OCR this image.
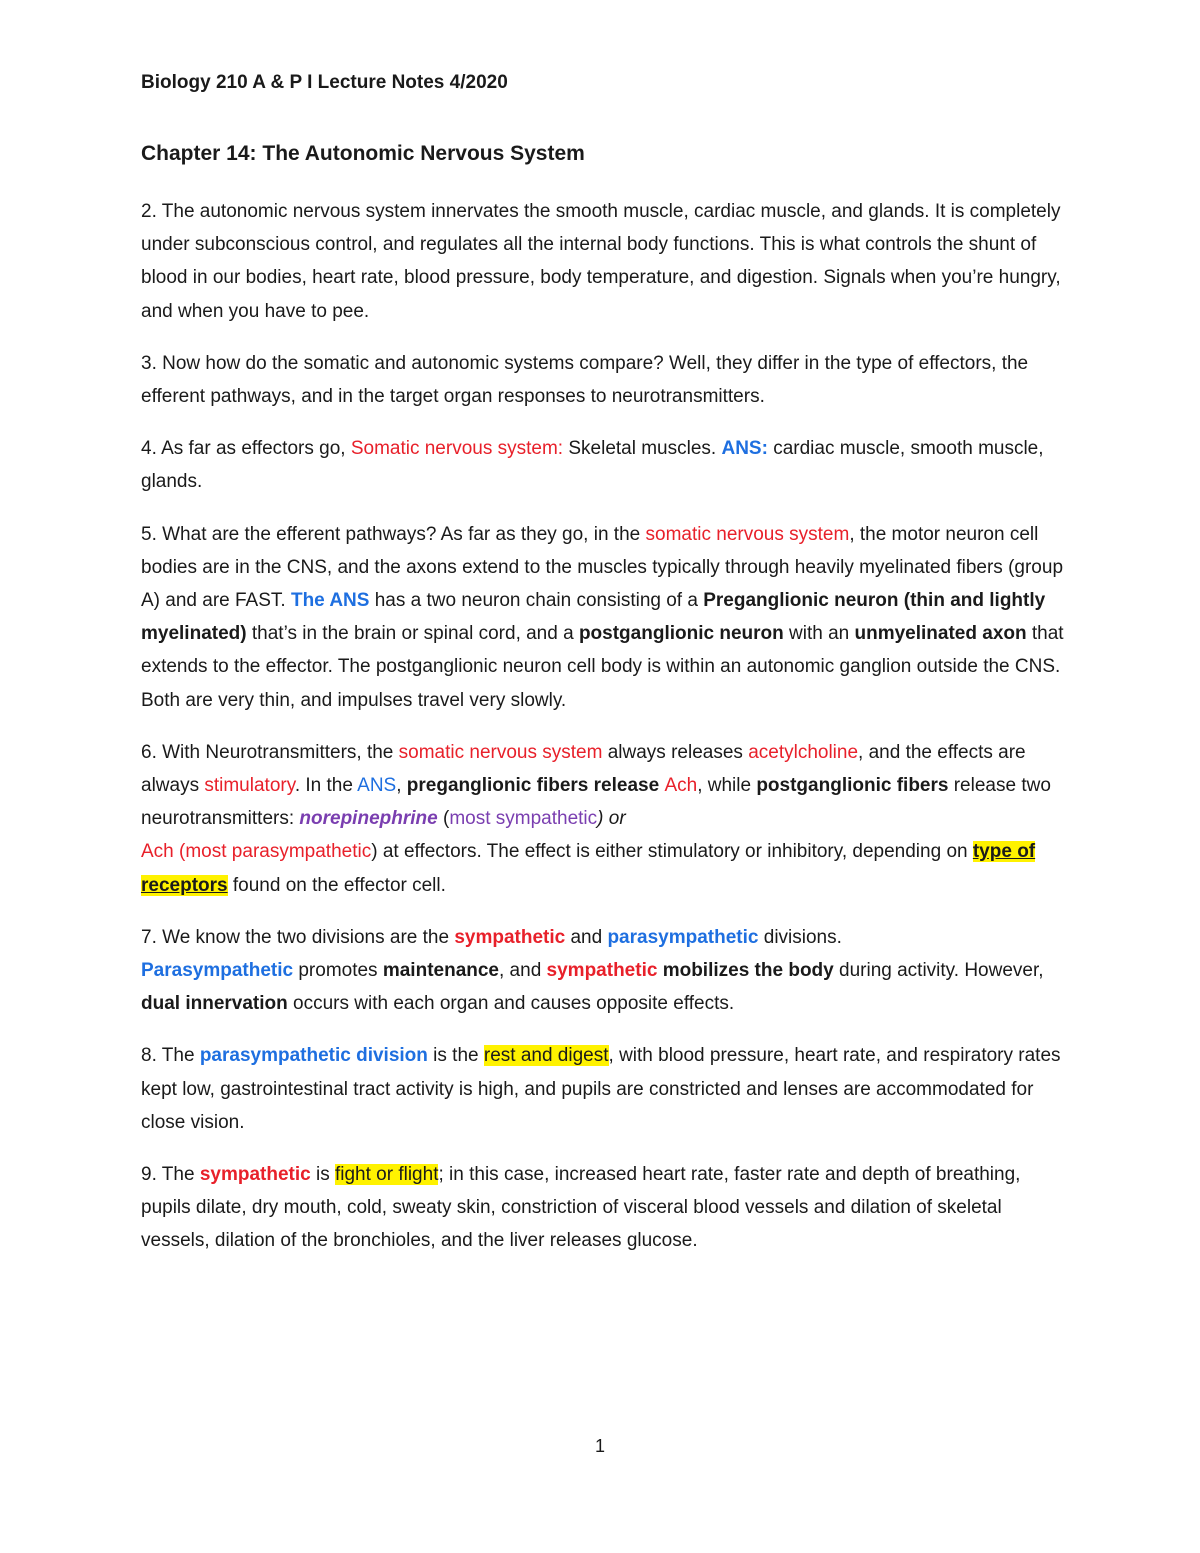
Biology 210 A & P I Lecture Notes 4/2020
Chapter 14: The Autonomic Nervous System

2. The autonomic nervous system innervates the smooth muscle, cardiac muscle, and glands. It is completely under subconscious control, and regulates all the internal body functions. This is what controls the shunt of blood in our bodies, heart rate, blood pressure, body temperature, and digestion. Signals when you’re hungry, and when you have to pee.

3. Now how do the somatic and autonomic systems compare? Well, they differ in the type of effectors, the efferent pathways, and in the target organ responses to neurotransmitters.

4. As far as effectors go, Somatic nervous system: Skeletal muscles. ANS: cardiac muscle, smooth muscle, glands.

5. What are the efferent pathways? As far as they go, in the somatic nervous system, the motor neuron cell bodies are in the CNS, and the axons extend to the muscles typically through heavily myelinated fibers (group A) and are FAST. The ANS has a two neuron chain consisting of a Preganglionic neuron (thin and lightly myelinated) that’s in the brain or spinal cord, and a postganglionic neuron with an unmyelinated axon that extends to the effector. The postganglionic neuron cell body is within an autonomic ganglion outside the CNS. Both are very thin, and impulses travel very slowly.

6. With Neurotransmitters, the somatic nervous system always releases acetylcholine, and the effects are always stimulatory. In the ANS, preganglionic fibers release Ach, while postganglionic fibers release two neurotransmitters: norepinephrine (most sympathetic) or
Ach (most parasympathetic) at effectors. The effect is either stimulatory or inhibitory, depending on type of receptors found on the effector cell.

7. We know the two divisions are the sympathetic and parasympathetic divisions.
Parasympathetic promotes maintenance, and sympathetic mobilizes the body during activity. However, dual innervation occurs with each organ and causes opposite effects.

8. The parasympathetic division is the rest and digest, with blood pressure, heart rate, and respiratory rates kept low, gastrointestinal tract activity is high, and pupils are constricted and lenses are accommodated for close vision.

9. The sympathetic is fight or flight; in this case, increased heart rate, faster rate and depth of breathing, pupils dilate, dry mouth, cold, sweaty skin, constriction of visceral blood vessels and dilation of skeletal vessels, dilation of the bronchioles, and the liver releases glucose.

1
